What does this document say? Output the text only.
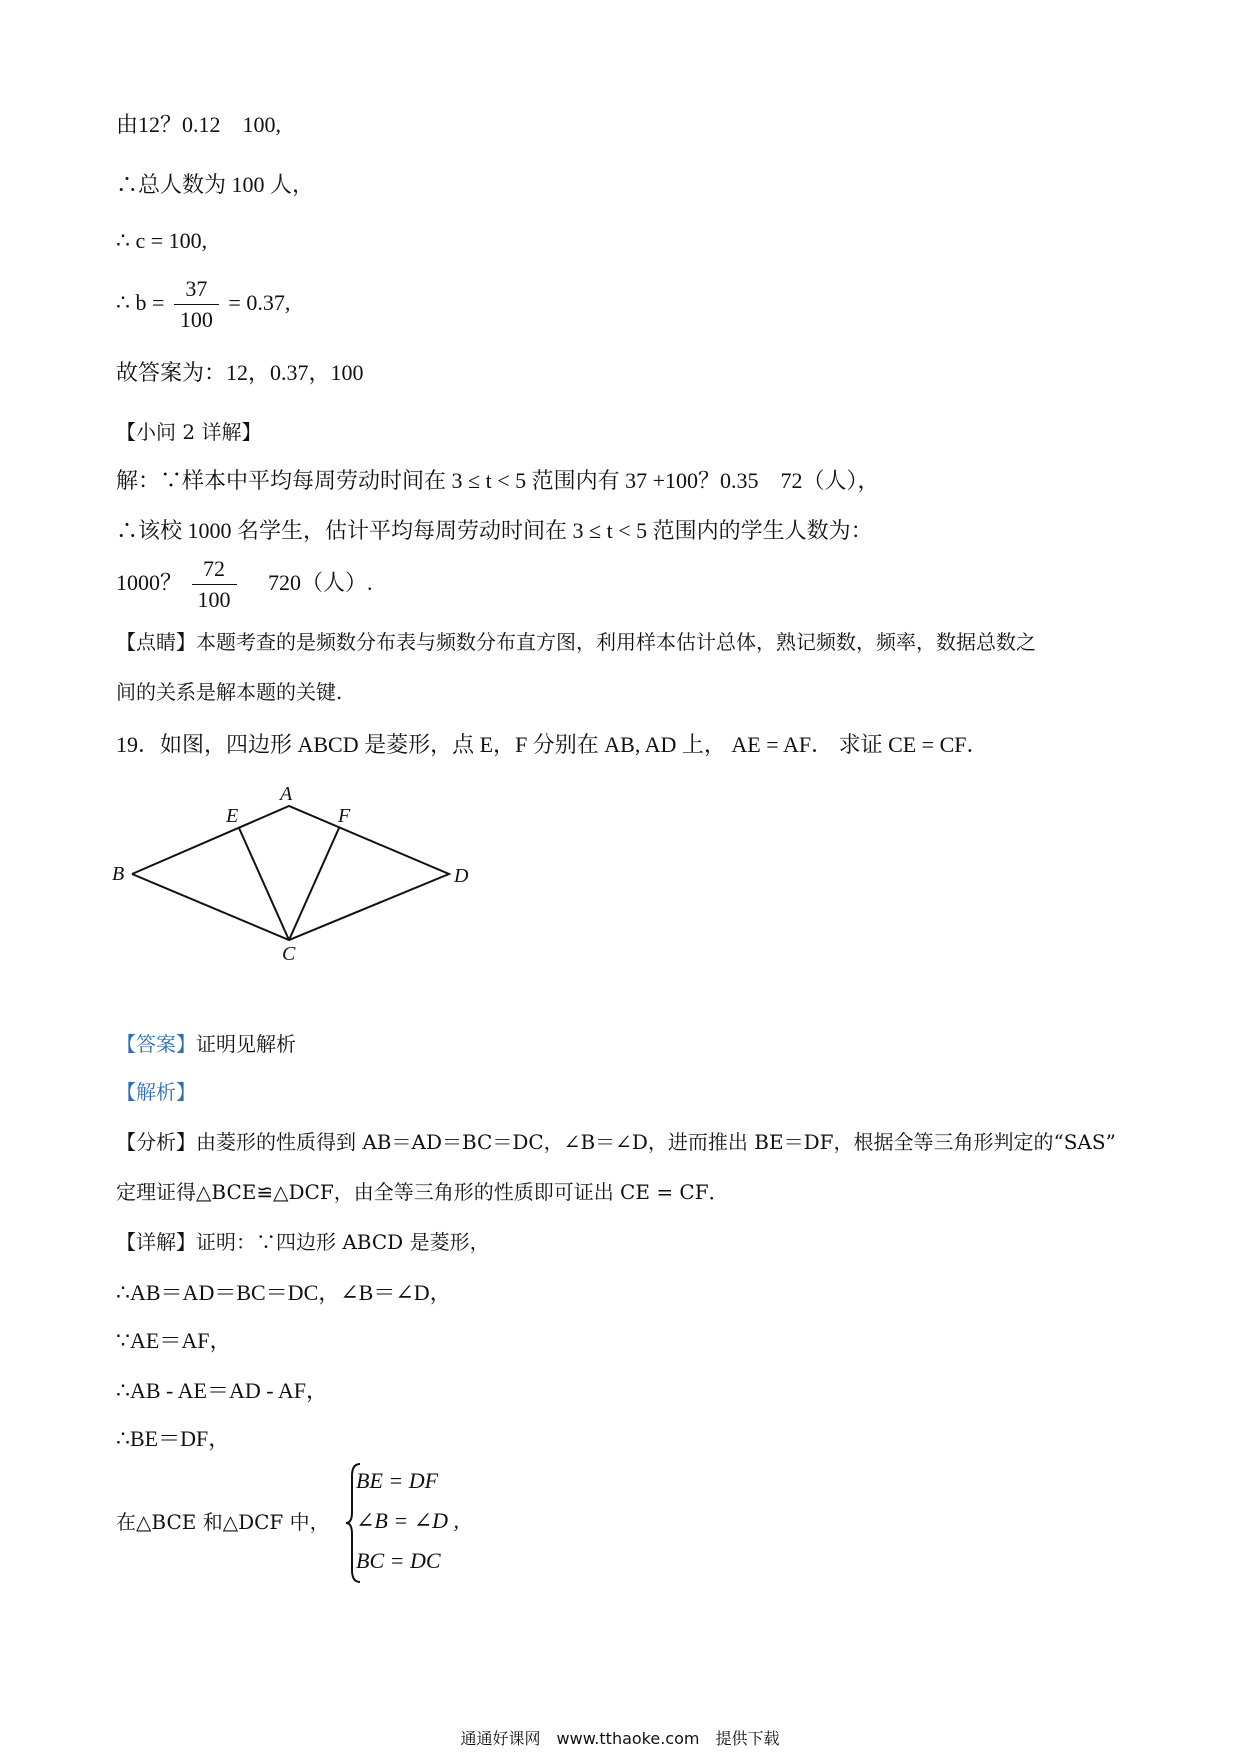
由12？0.12　100,
∴总人数为 100 人，
∴ c = 100,
∴ $b = \frac{37}{100} = 0.37$,
故答案为：12，0.37，100
【小问 2 详解】
解：∵样本中平均每周劳动时间在 3 ≤ t < 5 范围内有 37 +100？0.35　72（人），
∴该校 1000 名学生，估计平均每周劳动时间在 3 ≤ t < 5 范围内的学生人数为：
1000？ $\frac{72}{100}$ 　720（人）.
【点睛】本题考查的是频数分布表与频数分布直方图，利用样本估计总体，熟记频数，频率，数据总数之
间的关系是解本题的关键.
19．如图，四边形 ABCD 是菱形，点 E，F 分别在 AB, AD 上， AE = AF． 求证 CE = CF．
A
B
C
D
E	F
【答案】证明见解析
【解析】
【分析】由菱形的性质得到 AB＝AD＝BC＝DC，∠B＝∠D，进而推出 BE＝DF，根据全等三角形判定的“SAS”
定理证得△BCE≌△DCF，由全等三角形的性质即可证出 CE = CF．
【详解】证明：∵四边形 ABCD 是菱形，
∴AB＝AD＝BC＝DC，∠B＝∠D，
∵AE＝AF，
∴AB - AE＝AD - AF，
∴BE＝DF，
在△BCE 和△DCF 中，
BE = DF
∠B = ∠D ,
BC = DC
通通好课网　www.tthaoke.com　提供下载
